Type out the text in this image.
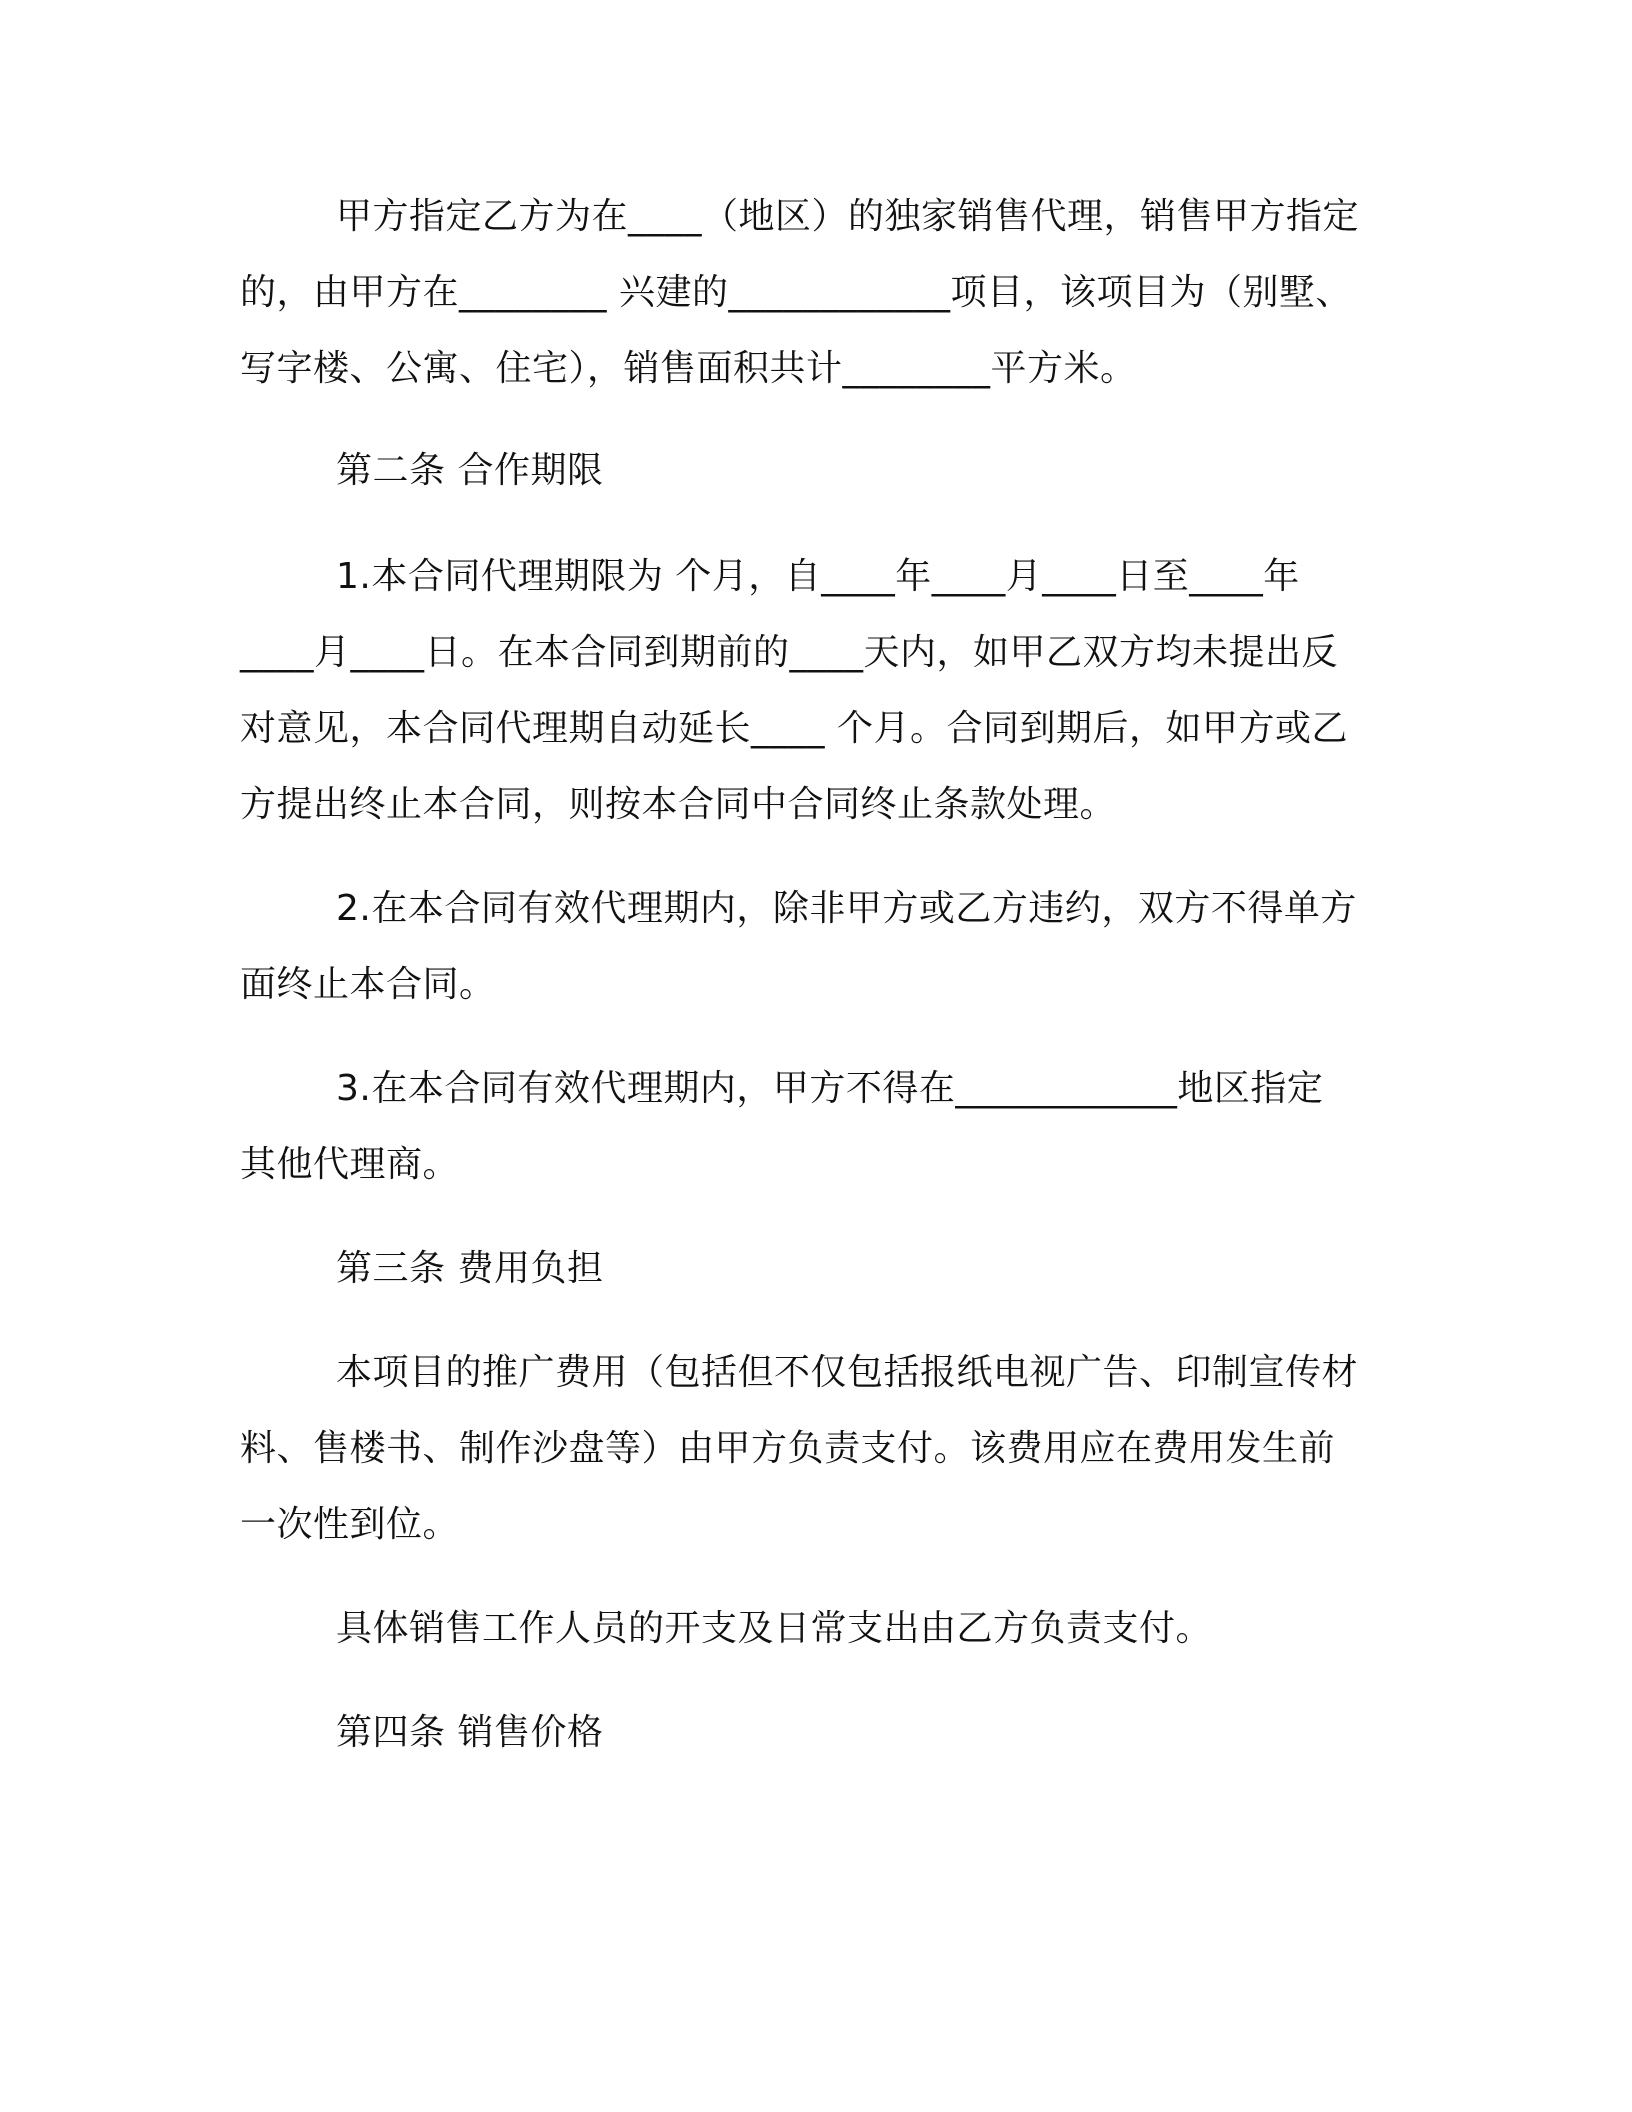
甲方指定乙方为在____（地区）的独家销售代理，销售甲方指定
的，由甲方在________ 兴建的____________项目，该项目为（别墅、
写字楼、公寓、住宅），销售面积共计________平方米。
第二条 合作期限
1.本合同代理期限为 个月，自____年____月____日至____年
____月____日。在本合同到期前的____天内，如甲乙双方均未提出反
对意见，本合同代理期自动延长____ 个月。合同到期后，如甲方或乙
方提出终止本合同，则按本合同中合同终止条款处理。
2.在本合同有效代理期内，除非甲方或乙方违约，双方不得单方
面终止本合同。
3.在本合同有效代理期内，甲方不得在____________地区指定
其他代理商。
第三条 费用负担
本项目的推广费用（包括但不仅包括报纸电视广告、印制宣传材
料、售楼书、制作沙盘等）由甲方负责支付。该费用应在费用发生前
一次性到位。
具体销售工作人员的开支及日常支出由乙方负责支付。
第四条 销售价格
